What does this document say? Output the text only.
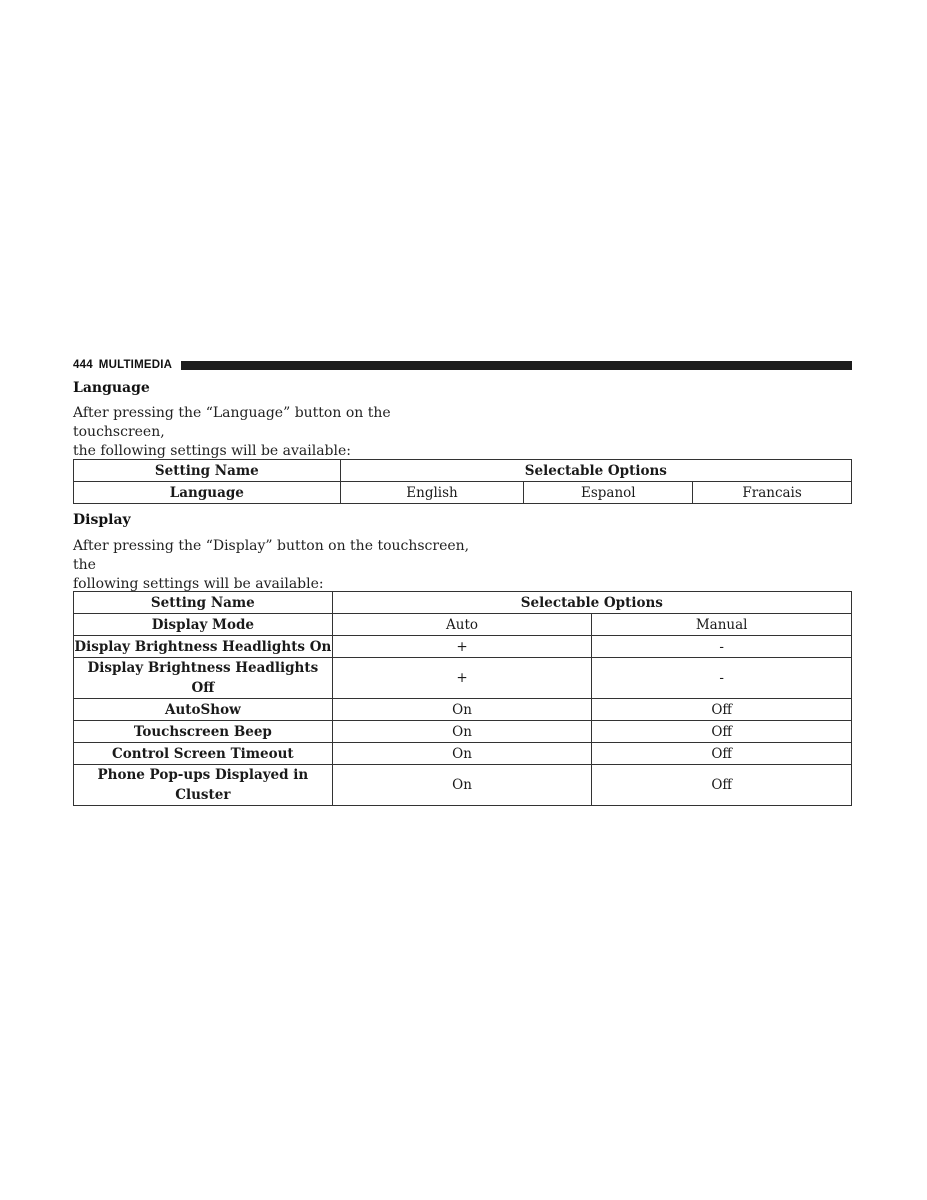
444 MULTIMEDIA
Language
After pressing the “Language” button on the touchscreen,
the following settings will be available:
Setting Name	Selectable Options		
Language	English	Espanol	Francais
Display
After pressing the “Display” button on the touchscreen, the
following settings will be available:
Setting Name	Selectable Options	
Display Mode	Auto	Manual
Display Brightness Headlights On	+	-
Display Brightness Headlights Off	+	-
AutoShow	On	Off
Touchscreen Beep	On	Off
Control Screen Timeout	On	Off
Phone Pop-ups Displayed in Cluster	On	Off
